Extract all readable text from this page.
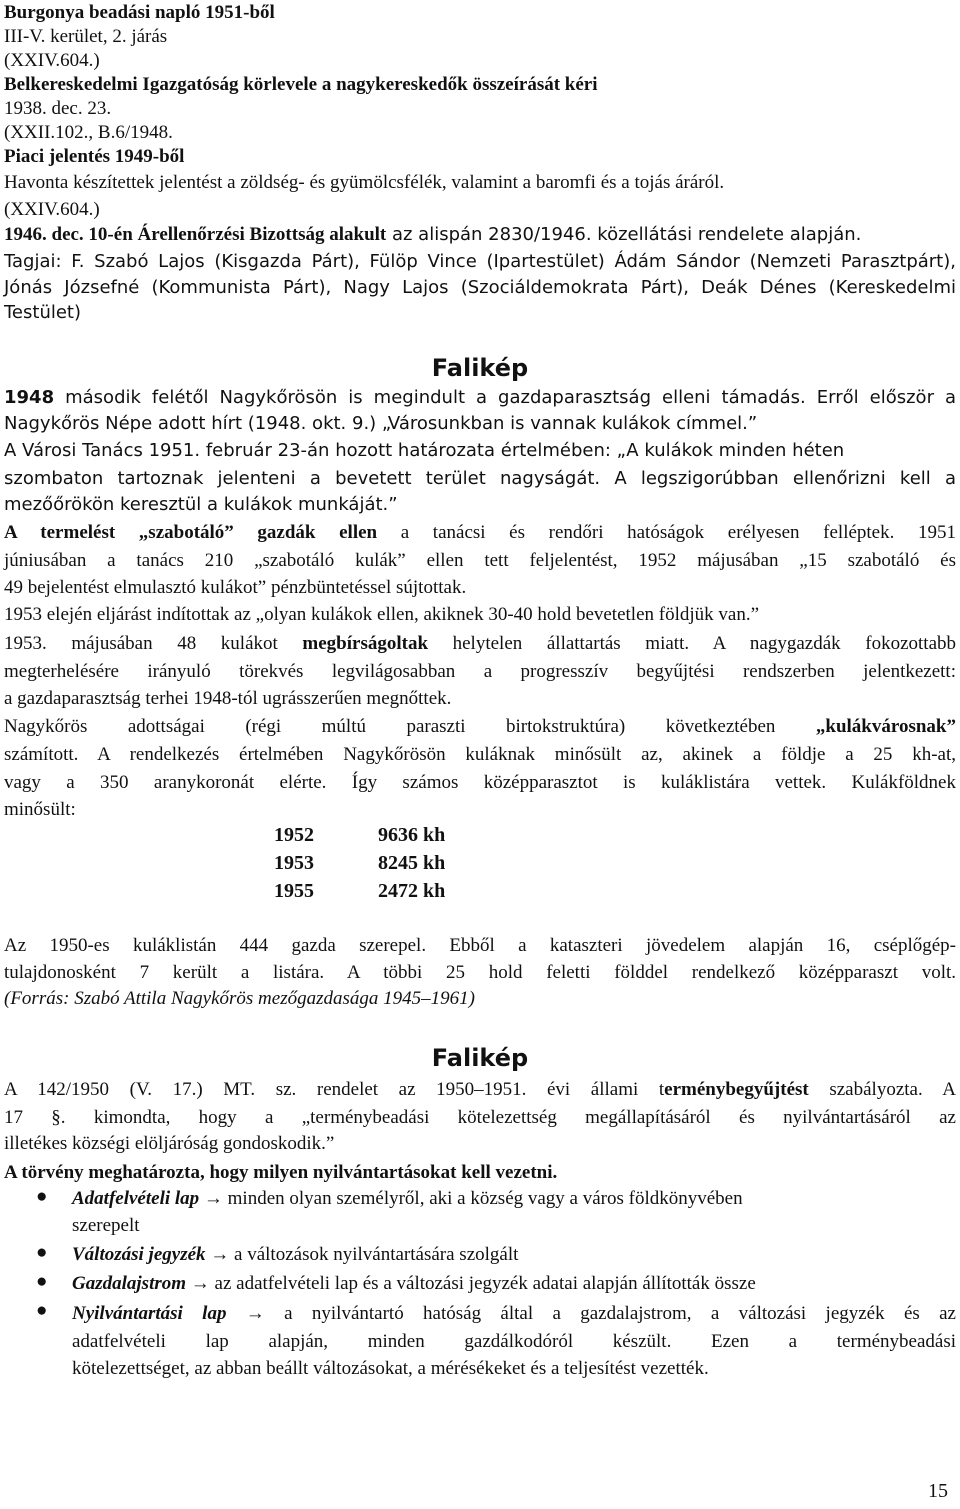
Burgonya beadási napló 1951-ből
III-V. kerület, 2. járás
(XXIV.604.)
Belkereskedelmi Igazgatóság körlevele a nagykereskedők összeírását kéri
1938. dec. 23.
(XXII.102., B.6/1948.
Piaci jelentés 1949-ből
Havonta készítettek jelentést a zöldség- és gyümölcsfélék, valamint a baromfi és a tojás áráról.
(XXIV.604.)
1946. dec. 10-én Árellenőrzési Bizottság alakult az alispán 2830/1946. közellátási rendelete alapján.
Tagjai: F. Szabó Lajos (Kisgazda Párt), Fülöp Vince (Ipartestület) Ádám Sándor (Nemzeti Parasztpárt),
Jónás Józsefné (Kommunista Párt), Nagy Lajos (Szociáldemokrata Párt), Deák Dénes (Kereskedelmi
Testület)
Falikép
1948 második felétől Nagykőrösön is megindult a gazdaparasztság elleni támadás. Erről először a
Nagykőrös Népe adott hírt (1948. okt. 9.) „Városunkban is vannak kulákok címmel.”
A Városi Tanács 1951. február 23-án hozott határozata értelmében: „A kulákok minden héten
szombaton tartoznak jelenteni a bevetett terület nagyságát. A legszigorúbban ellenőrizni kell a
mezőőrökön keresztül a kulákok munkáját.”
A termelést „szabotáló” gazdák ellen a tanácsi és rendőri hatóságok erélyesen felléptek. 1951
júniusában a tanács 210 „szabotáló kulák” ellen tett feljelentést, 1952 májusában „15 szabotáló és
49 bejelentést elmulasztó kulákot” pénzbüntetéssel sújtottak.
1953 elején eljárást indítottak az „olyan kulákok ellen, akiknek 30-40 hold bevetetlen földjük van.”
1953. májusában 48 kulákot megbírságoltak helytelen állattartás miatt. A nagygazdák fokozottabb
megterhelésére irányuló törekvés legvilágosabban a progresszív begyűjtési rendszerben jelentkezett:
a gazdaparasztság terhei 1948-tól ugrásszerűen megnőttek.
Nagykőrös adottságai (régi múltú paraszti birtokstruktúra) következtében „kulákvárosnak”
számított. A rendelkezés értelmében Nagykőrösön kuláknak minősült az, akinek a földje a 25 kh-at,
vagy a 350 aranykoronát elérte. Így számos középparasztot is kuláklistára vettek. Kulákföldnek
minősült:
1952	9636 kh
1953	8245 kh
1955	2472 kh
Az 1950-es kuláklistán 444 gazda szerepel. Ebből a kataszteri jövedelem alapján 16, cséplőgép-
tulajdonosként 7 került a listára. A többi 25 hold feletti földdel rendelkező középparaszt volt.
(Forrás: Szabó Attila Nagykőrös mezőgazdasága 1945–1961)
Falikép
A 142/1950 (V. 17.) MT. sz. rendelet az 1950–1951. évi állami terménybegyűjtést szabályozta. A
17 §. kimondta, hogy a „terménybeadási kötelezettség megállapításáról és nyilvántartásáról az
illetékes községi elöljáróság gondoskodik.”
A törvény meghatározta, hogy milyen nyilvántartásokat kell vezetni.
● Adatfelvételi lap → minden olyan személyről, aki a község vagy a város földkönyvében
szerepelt
● Változási jegyzék → a változások nyilvántartására szolgált
● Gazdalajstrom → az adatfelvételi lap és a változási jegyzék adatai alapján állították össze
● Nyilvántartási lap → a nyilvántartó hatóság által a gazdalajstrom, a változási jegyzék és az
adatfelvételi lap alapján, minden gazdálkodóról készült. Ezen a terménybeadási
kötelezettséget, az abban beállt változásokat, a mérésékeket és a teljesítést vezették.
15
